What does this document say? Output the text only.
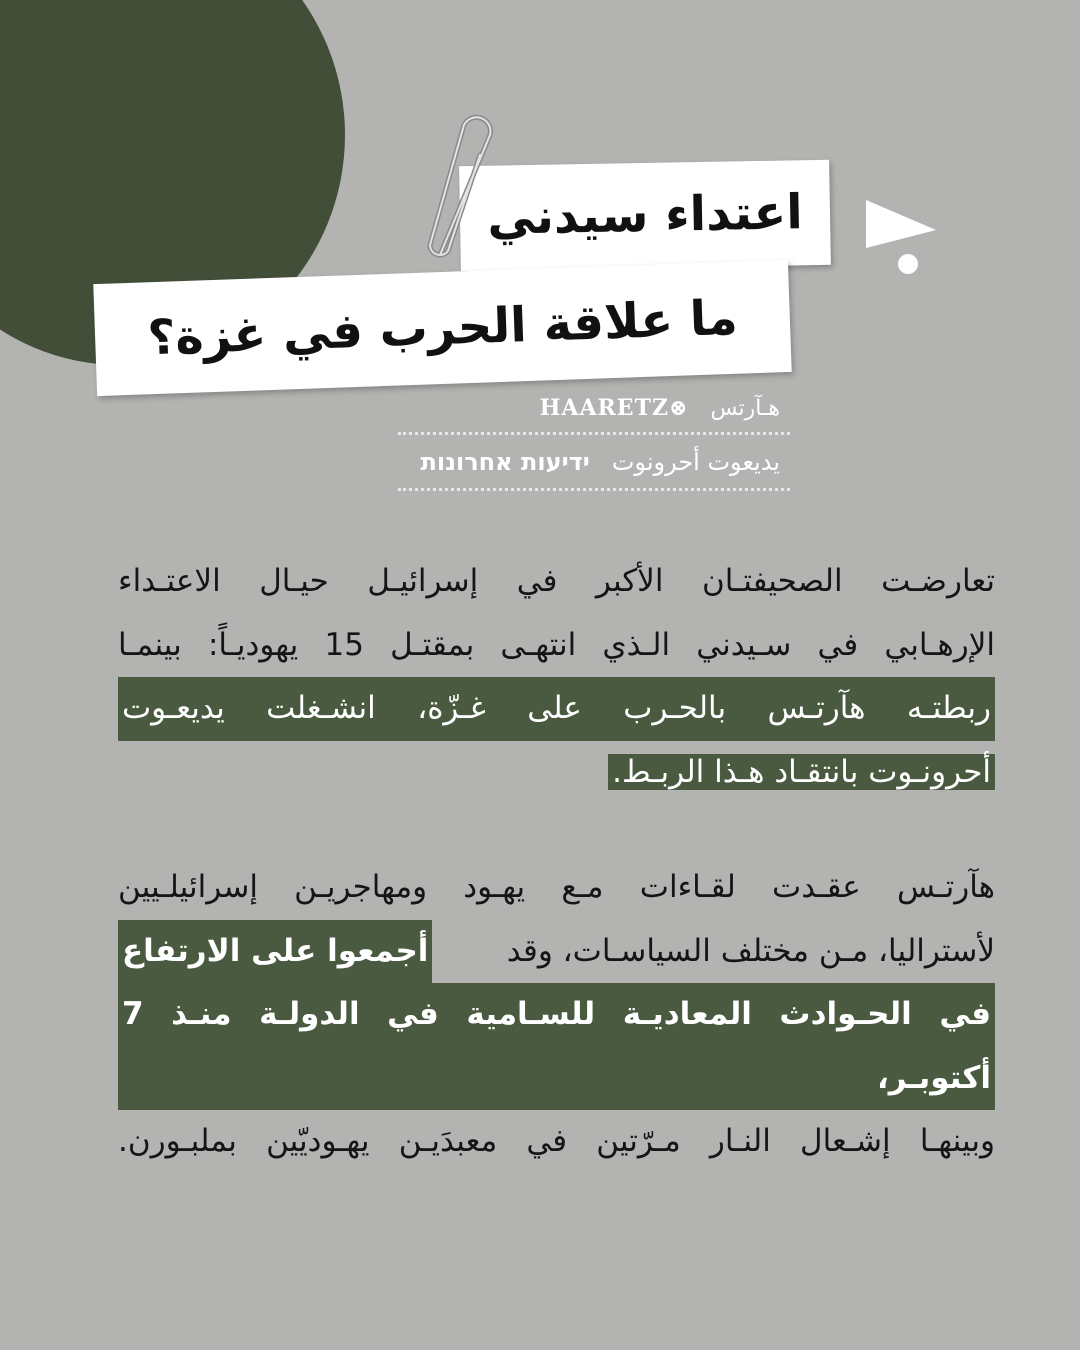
اعتداء سيدني
ما علاقة الحرب في غزة؟
هـآرتس
⊗HAARETZ
يديعوت أحرونوت
ידיעות אחרונות
تعارضـت الصحيفتـان الأكبر في إسرائيـل حيـال الاعتـداء
الإرهـابي في سـيدني الـذي انتهـى بمقتـل 15 يهوديـاً: بينمـا
ربطتـه هآرتـس بالحـرب على غـزّة، انشـغلت يديعـوت
أحرونـوت بانتقـاد هـذا الربـط.
هآرتـس عقـدت لقـاءات مـع يهـود ومهاجريـن إسرائيلـيين
لأستراليا، مـن مختلف السياسـات، وقد
أجمعوا على الارتفاع
في الحـوادث المعاديـة للسـامية في الدولـة منـذ 7 أكتوبـر،
وبينهـا إشـعال النـار مـرّتين في معبدَيـن يهـوديّين بملبـورن.
